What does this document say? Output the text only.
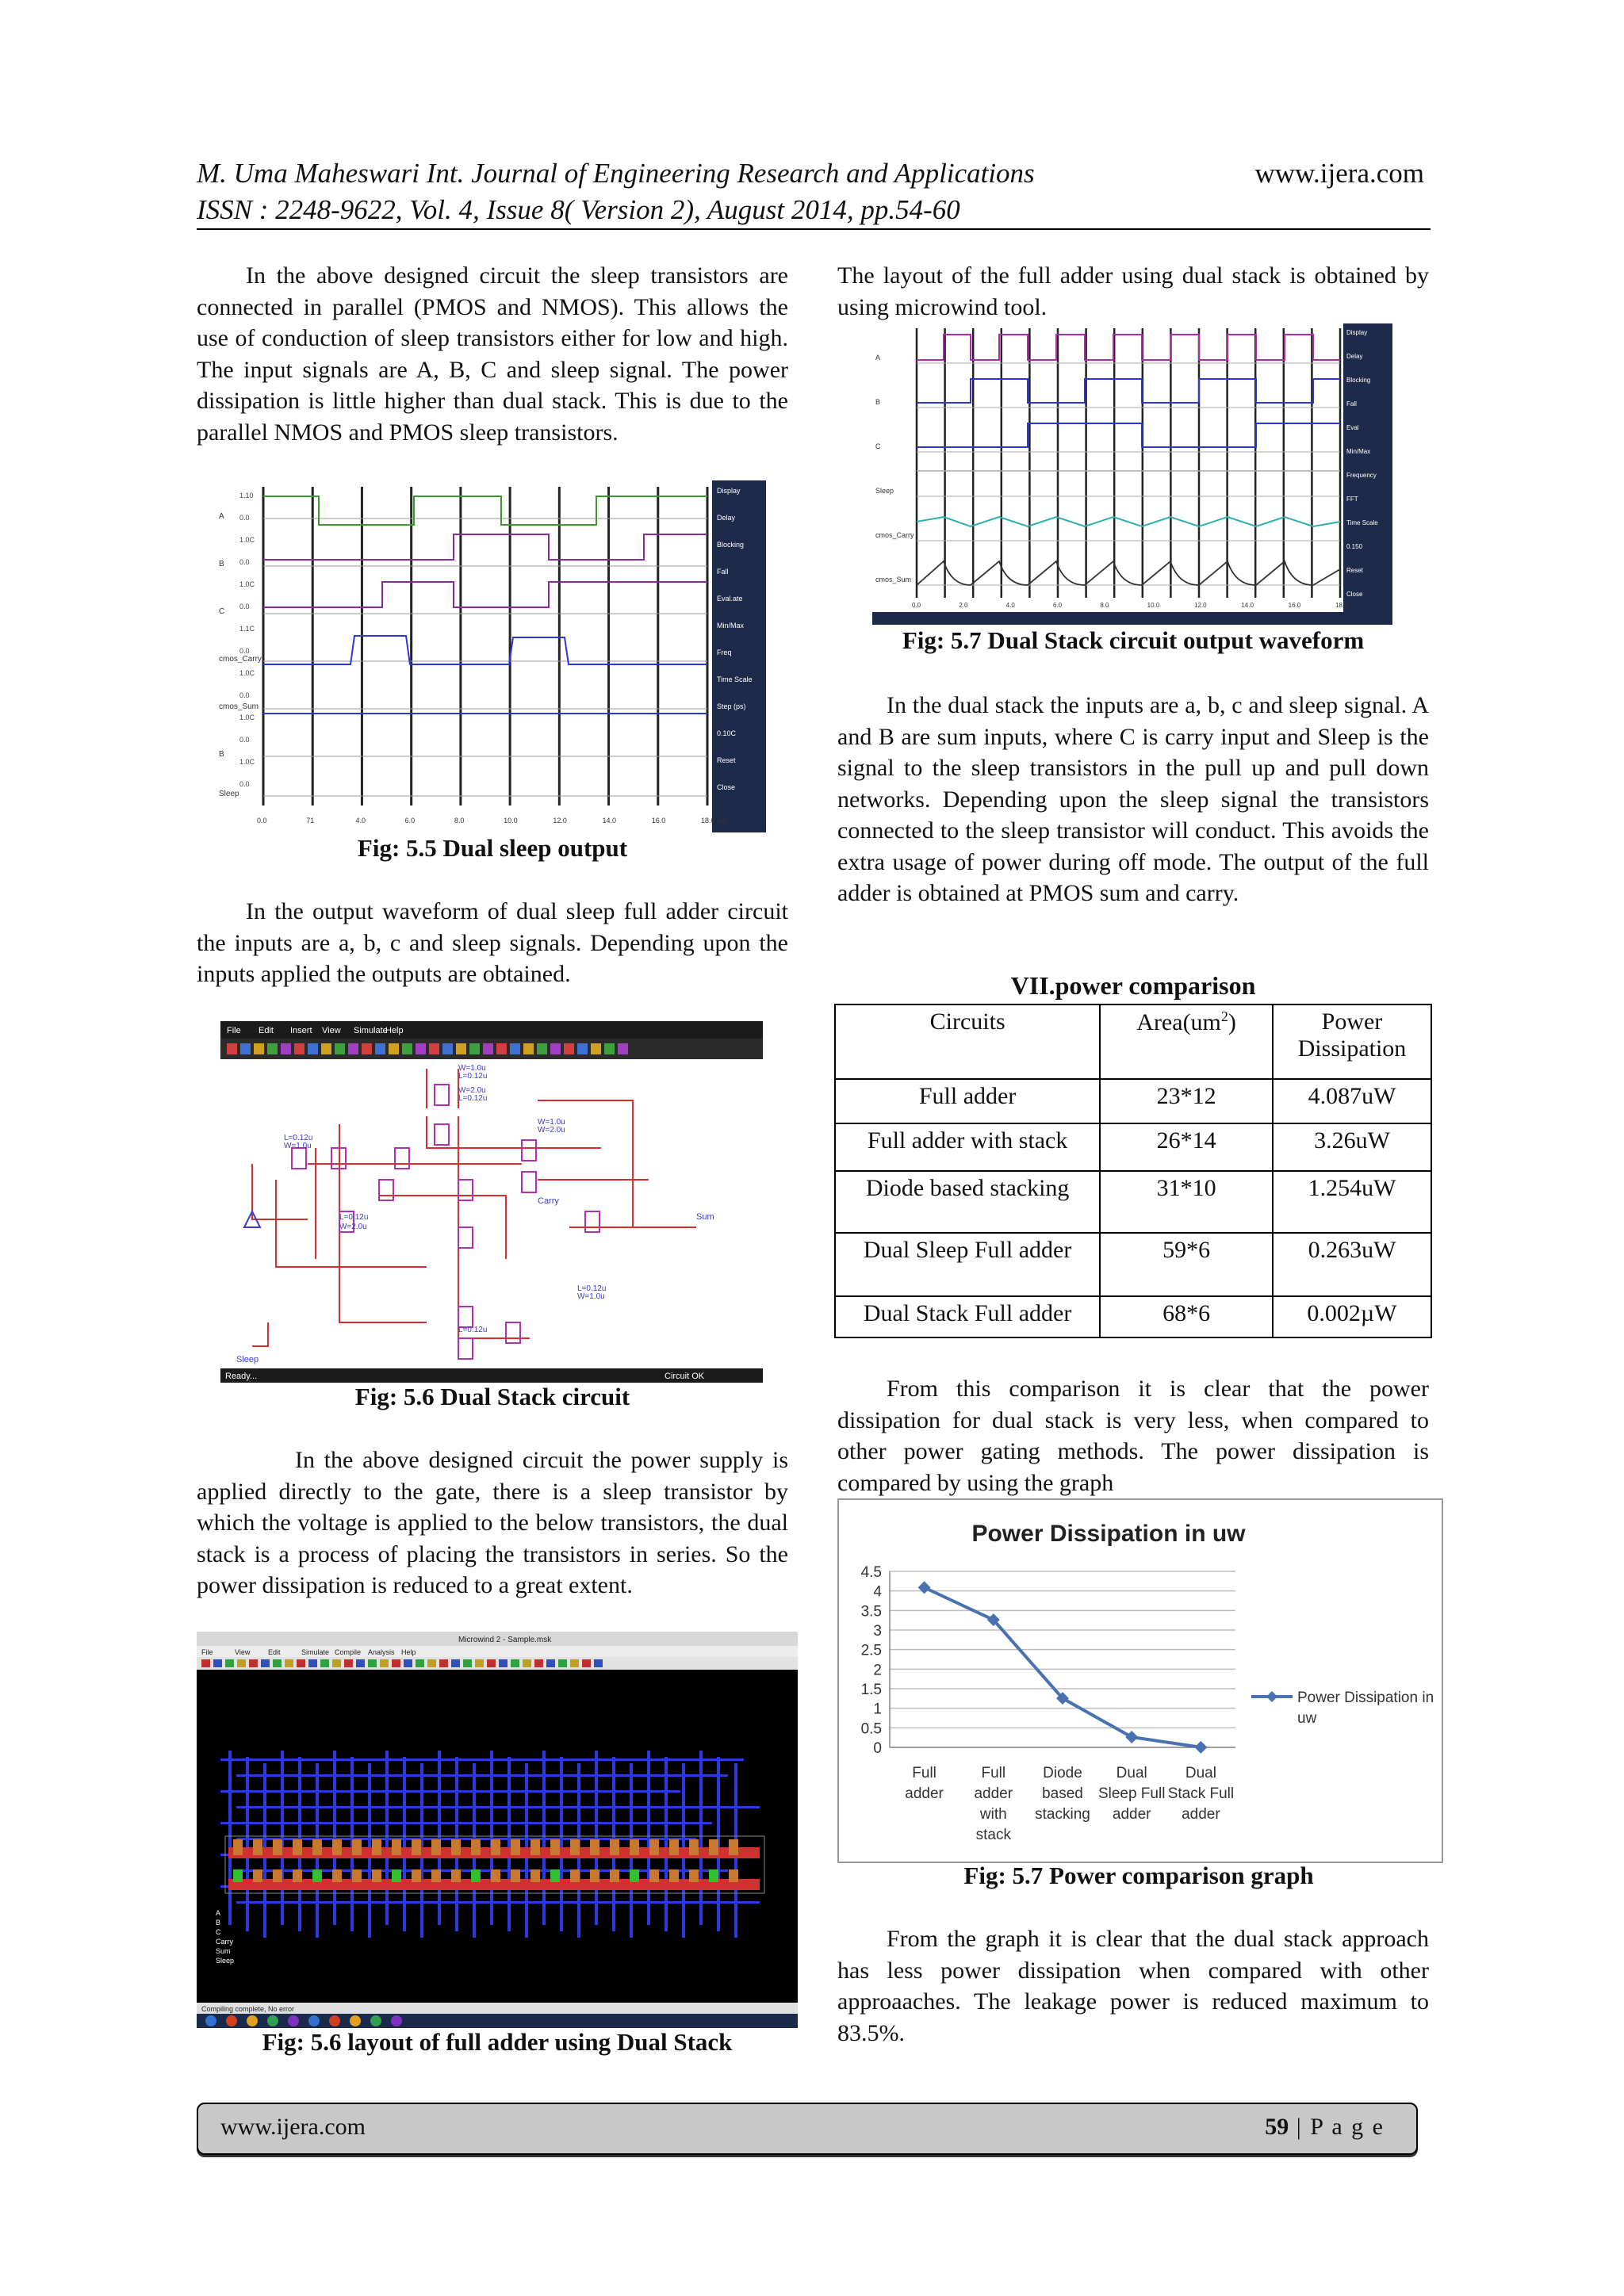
M. Uma Maheswari Int. Journal of Engineering Research and Applications
ISSN : 2248-9622, Vol. 4, Issue 8( Version 2), August 2014, pp.54-60
www.ijera.com

In the above designed circuit the sleep transistors are connected in parallel (PMOS and NMOS). This allows the use of conduction of sleep transistors either for low and high. The input signals are A, B, C and sleep signal. The power dissipation is little higher than dual stack. This is due to the parallel NMOS and PMOS sleep transistors.

A
B
C
cmos_Carry
cmos_Sum
B
Sleep
1.10
0.0
1.0C
0.0
1.0C
0.0
1.1C
0.0
1.0C
0.0
1.0C
0.0
1.0C
0.0
Display
Delay
Blocking
Fall
Eval.ate
Min/Max
Freq
Time Scale
Step (ps)
0.10C
Reset
Close
0.0	71	4.0	6.0	8.0	10.0	12.0	14.0	16.0	18.0 mS
Fig: 5.5 Dual sleep output

In the output waveform of dual sleep full adder circuit the inputs are a, b, c and sleep signals. Depending upon the inputs applied the outputs are obtained.

File Edit Insert View Simulate
Help
W=1.0u
L=0.12u
W=2.0u
L=0.12u
W=1.0u
W=2.0u
L=0.12u
W=1.0u
L=0.12u
W=2.0u
L=0.12u
W=1.0u
L=0.12u
Sleep
Sum
Carry
Ready...	Circuit OK
Fig: 5.6 Dual Stack circuit

In the above designed circuit the power supply is applied directly to the gate, there is a sleep transistor by which the voltage is applied to the below transistors, the dual stack is a process of placing the transistors in series. So the power dissipation is reduced to a great extent.

Microwind 2 - Sample.msk
File	View	Edit	Simulate Compile Analysis Help
A
B
C
Carry
Sum
Sleep
Compiling complete, No error
Fig: 5.6 layout of full adder using Dual Stack

The layout of the full adder using dual stack is obtained by using microwind tool.

A
B
C
Sleep
cmos_Carry
cmos_Sum
Display
Delay
Blocking
Fall
Eval
Min/Max
Frequency
FFT
Time Scale
0.150
Reset
Close
0.0	2.0	4.0	6.0	8.0	10.0	12.0	14.0	16.0	18.0
Fig: 5.7 Dual Stack circuit output waveform

In the dual stack the inputs are a, b, c and sleep signal. A and B are sum inputs, where C is carry input and Sleep is the signal to the sleep transistors in the pull up and pull down networks. Depending upon the sleep signal the transistors connected to the sleep transistor will conduct. This avoids the extra usage of power during off mode. The output of the full adder is obtained at PMOS sum and carry.

VII.power comparison
Circuits	$Area(um^2)$	Power Dissipation
Full adder	23*12	4.087uW
Full adder with stack	26*14	3.26uW
Diode based stacking	31*10	1.254uW
Dual Sleep Full adder	59*6	0.263uW
Dual Stack Full adder	68*6	0.002µW

From this comparison it is clear that the power dissipation for dual stack is very less, when compared to other power gating methods. The power dissipation is compared by using the graph

Power Dissipation in uw
4.5
4
3.5
3
2.5
2
1.5
1
0.5
0
Full adder
Full adder with stack
Diode based stacking
Dual Sleep Full adder
Dual Stack Full adder
Power Dissipation in
uw
Fig: 5.7 Power comparison graph

From the graph it is clear that the dual stack approach has less power dissipation when compared with other approaaches. The leakage power is reduced maximum to 83.5%.

www.ijera.com	59 | P a g e
